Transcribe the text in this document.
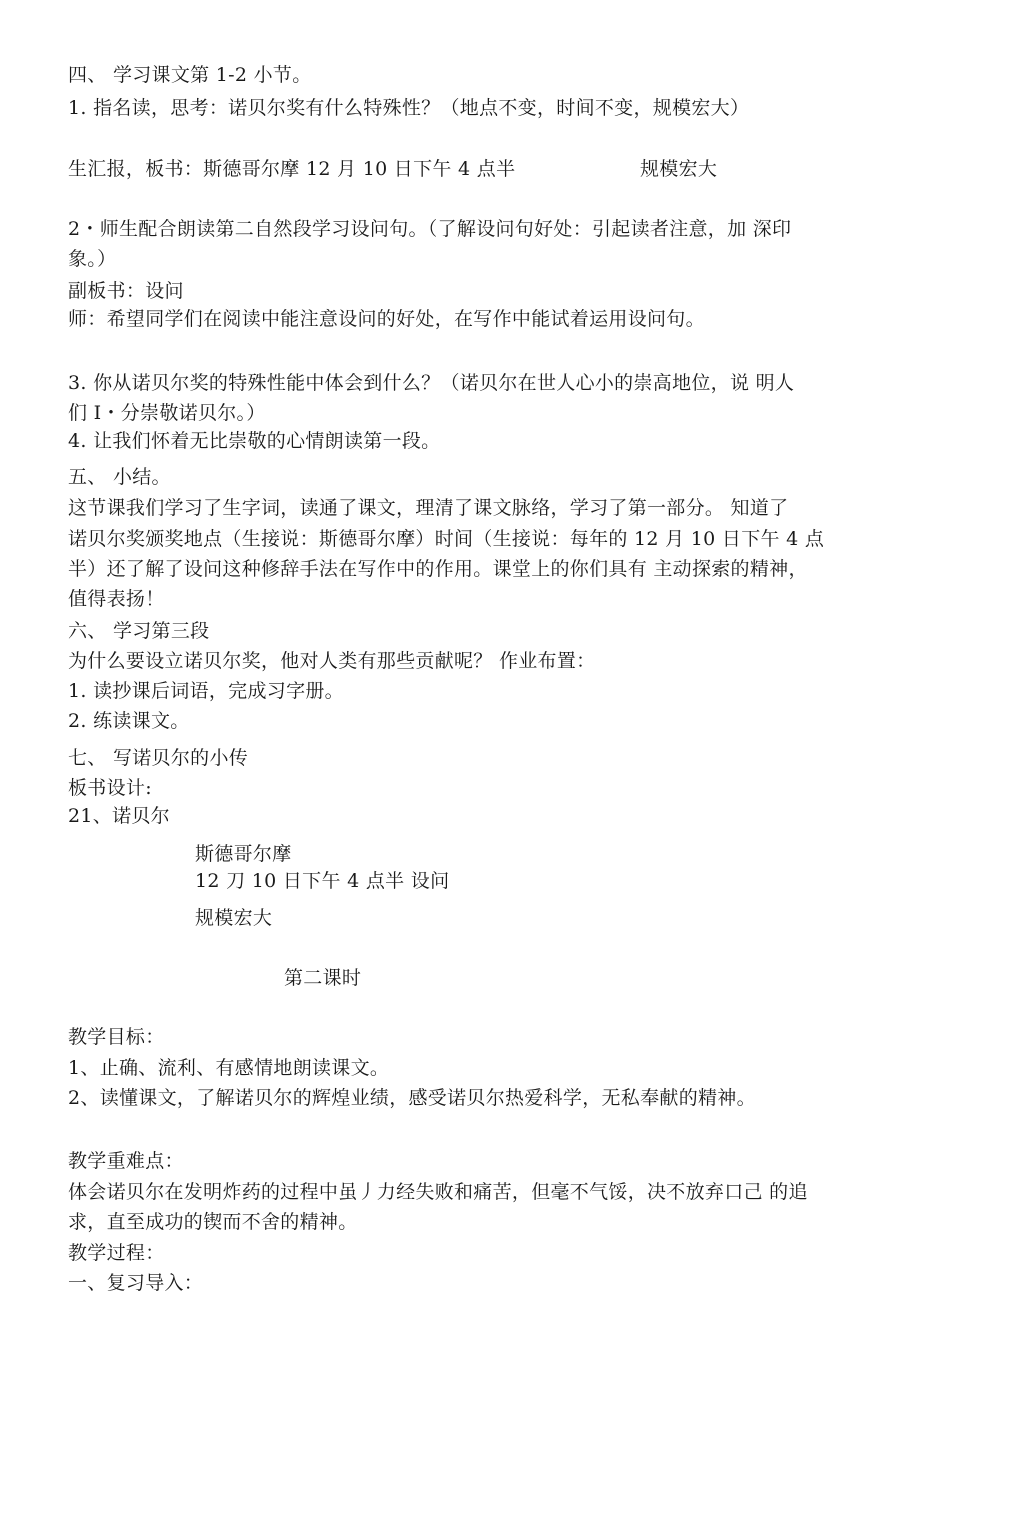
四、 学习课文第 1-2 小节。
1. 指名读，思考：诺贝尔奖有什么特殊性？（地点不变，时间不变，规模宏大）
生汇报，板书：斯德哥尔摩 12 月 10 日下午 4 点半	规模宏大
2・师生配合朗读第二自然段学习设问句。（了解设问句好处：引起读者注意，加 深印
象。）
副板书：设问
师：希望同学们在阅读中能注意设问的好处，在写作中能试着运用设问句。
3. 你从诺贝尔奖的特殊性能中体会到什么？（诺贝尔在世人心小的崇高地位，说 明人
们 I・分崇敬诺贝尔。）
4. 让我们怀着无比崇敬的心情朗读第一段。
五、 小结。
这节课我们学习了生字词，读通了课文，理清了课文脉络，学习了第一部分。 知道了
诺贝尔奖颁奖地点（生接说：斯德哥尔摩）时间（生接说：每年的 12 月 10 日下午 4 点
半）还了解了设问这种修辞手法在写作中的作用。课堂上的你们具有 主动探索的精神，
值得表扬！
六、 学习第三段
为什么要设立诺贝尔奖，他对人类有那些贡献呢？ 作业布置：
1. 读抄课后词语，完成习字册。
2. 练读课文。
七、 写诺贝尔的小传
板书设计:
21、诺贝尔
斯德哥尔摩
12 刀 10 日下午 4 点半 设问
规模宏大
第二课时
教学目标：
1、止确、流利、有感情地朗读课文。
2、读懂课文，了解诺贝尔的辉煌业绩，感受诺贝尔热爱科学，无私奉献的精神。
教学重难点：
体会诺贝尔在发明炸药的过程中虽丿力经失败和痛苦，但毫不气馁，决不放弃口己 的追
求，直至成功的锲而不舍的精神。
教学过程：
一、复习导入：
